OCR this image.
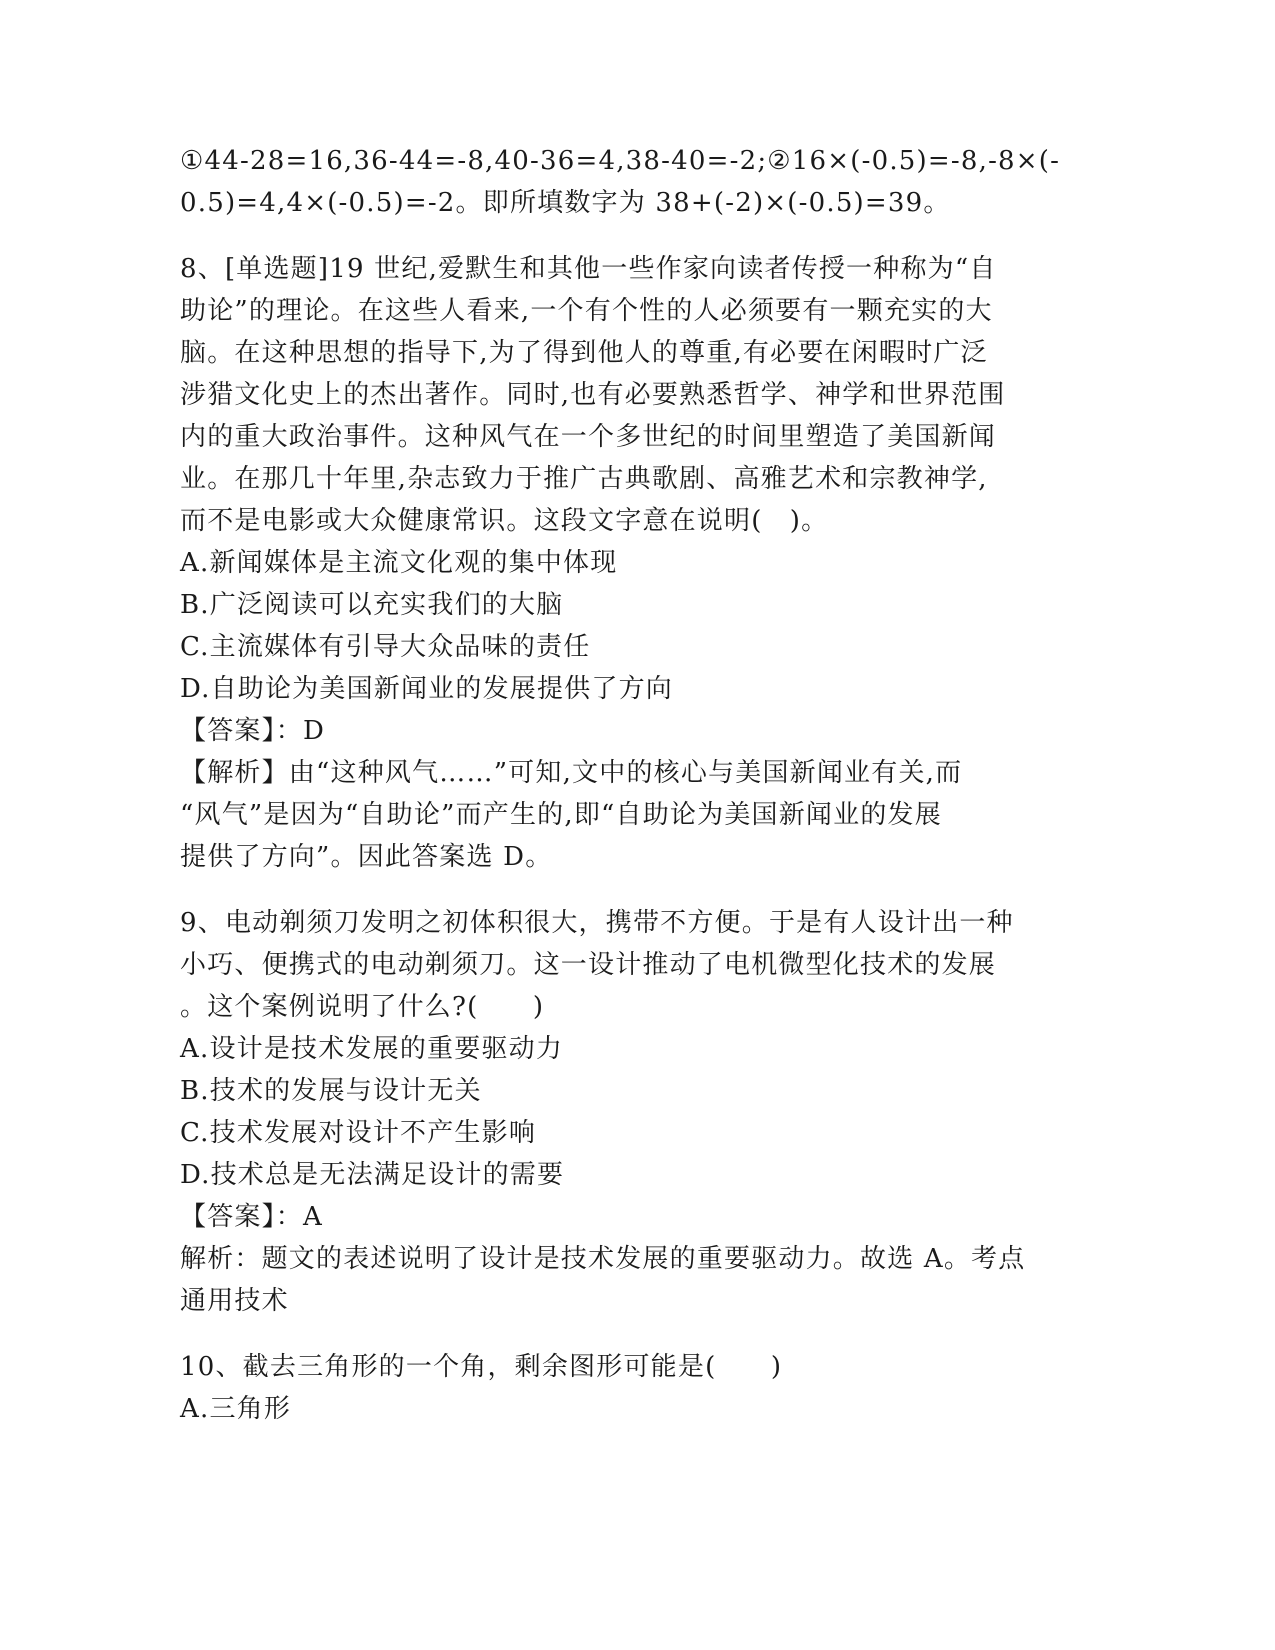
①44-28=16,36-44=-8,40-36=4,38-40=-2;②16×(-0.5)=-8,-8×(-
0.5)=4,4×(-0.5)=-2。即所填数字为 38+(-2)×(-0.5)=39。
8、[单选题]19 世纪,爱默生和其他一些作家向读者传授一种称为“自
助论”的理论。在这些人看来,一个有个性的人必须要有一颗充实的大
脑。在这种思想的指导下,为了得到他人的尊重,有必要在闲暇时广泛
涉猎文化史上的杰出著作。同时,也有必要熟悉哲学、神学和世界范围
内的重大政治事件。这种风气在一个多世纪的时间里塑造了美国新闻
业。在那几十年里,杂志致力于推广古典歌剧、高雅艺术和宗教神学,
而不是电影或大众健康常识。这段文字意在说明(　)。
A.新闻媒体是主流文化观的集中体现
B.广泛阅读可以充实我们的大脑
C.主流媒体有引导大众品味的责任
D.自助论为美国新闻业的发展提供了方向
【答案】：D
【解析】由“这种风气……”可知,文中的核心与美国新闻业有关,而
“风气”是因为“自助论”而产生的,即“自助论为美国新闻业的发展
提供了方向”。因此答案选 D。
9、电动剃须刀发明之初体积很大，携带不方便。于是有人设计出一种
小巧、便携式的电动剃须刀。这一设计推动了电机微型化技术的发展
。这个案例说明了什么?(　　)
A.设计是技术发展的重要驱动力
B.技术的发展与设计无关
C.技术发展对设计不产生影响
D.技术总是无法满足设计的需要
【答案】：A
解析：题文的表述说明了设计是技术发展的重要驱动力。故选 A。考点
通用技术
10、截去三角形的一个角，剩余图形可能是(　　)
A.三角形
